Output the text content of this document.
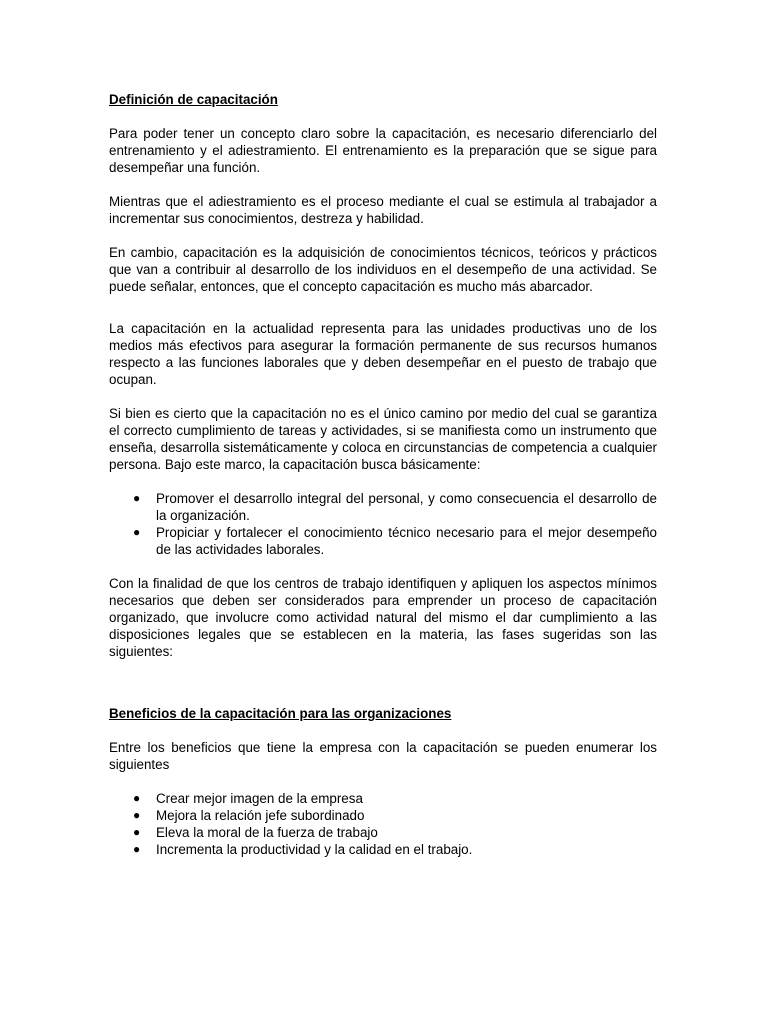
Definición de capacitación

Para poder tener un concepto claro sobre la capacitación, es necesario diferenciarlo del entrenamiento y el adiestramiento. El entrenamiento es la preparación que se sigue para desempeñar una función.

Mientras que el adiestramiento es el proceso mediante el cual se estimula al trabajador a incrementar sus conocimientos, destreza y habilidad.

En cambio, capacitación es la adquisición de conocimientos técnicos, teóricos y prácticos que van a contribuir al desarrollo de los individuos en el desempeño de una actividad. Se puede señalar, entonces, que el concepto capacitación es mucho más abarcador.

La capacitación en la actualidad representa para las unidades productivas uno de los medios más efectivos para asegurar la formación permanente de sus recursos humanos respecto a las funciones laborales que y deben desempeñar en el puesto de trabajo que ocupan.

Si bien es cierto que la capacitación no es el único camino por medio del cual se garantiza el correcto cumplimiento de tareas y actividades, si se manifiesta como un instrumento que enseña, desarrolla sistemáticamente y coloca en circunstancias de competencia a cualquier persona. Bajo este marco, la capacitación busca básicamente:

● Promover el desarrollo integral del personal, y como consecuencia el desarrollo de la organización.
● Propiciar y fortalecer el conocimiento técnico necesario para el mejor desempeño de las actividades laborales.

Con la finalidad de que los centros de trabajo identifiquen y apliquen los aspectos mínimos necesarios que deben ser considerados para emprender un proceso de capacitación organizado, que involucre como actividad natural del mismo el dar cumplimiento a las disposiciones legales que se establecen en la materia, las fases sugeridas son las siguientes:

Beneficios de la capacitación para las organizaciones

Entre los beneficios que tiene la empresa con la capacitación se pueden enumerar los siguientes

● Crear mejor imagen de la empresa
● Mejora la relación jefe subordinado
● Eleva la moral de la fuerza de trabajo
● Incrementa la productividad y la calidad en el trabajo.
